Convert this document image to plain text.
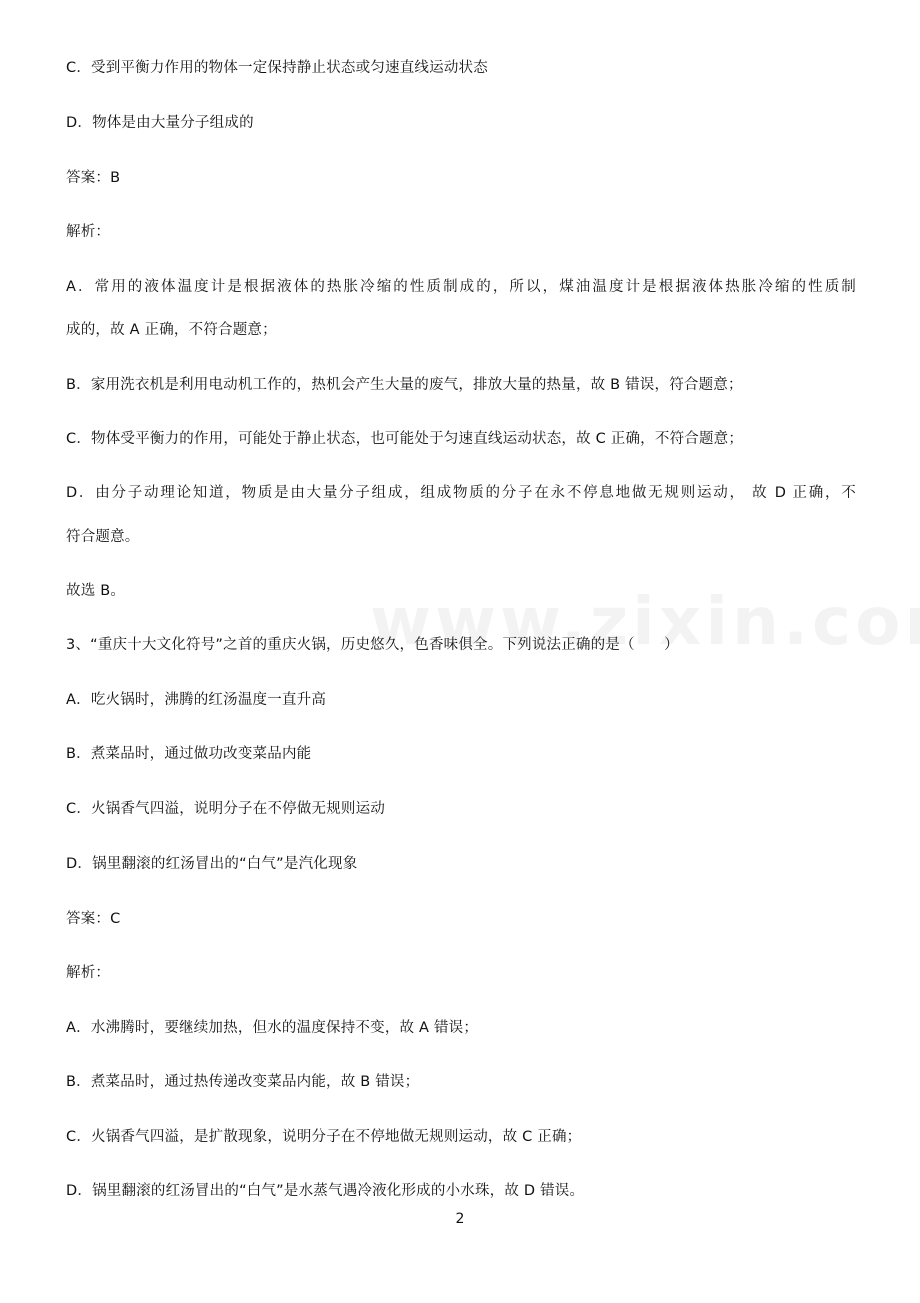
C．受到平衡力作用的物体一定保持静止状态或匀速直线运动状态
D．物体是由大量分子组成的
答案：B
解析：
A．常用的液体温度计是根据液体的热胀冷缩的性质制成的，所以，煤油温度计是根据液体热胀冷缩的性质制
成的，故 A 正确，不符合题意；
B．家用洗衣机是利用电动机工作的，热机会产生大量的废气，排放大量的热量，故 B 错误，符合题意；
C．物体受平衡力的作用，可能处于静止状态，也可能处于匀速直线运动状态，故 C 正确，不符合题意；
D．由分子动理论知道，物质是由大量分子组成，组成物质的分子在永不停息地做无规则运动， 故 D 正确，不
符合题意。
故选 B。
3、“重庆十大文化符号”之首的重庆火锅，历史悠久，色香味俱全。下列说法正确的是（　　）
A．吃火锅时，沸腾的红汤温度一直升高
B．煮菜品时，通过做功改变菜品内能
C．火锅香气四溢，说明分子在不停做无规则运动
D．锅里翻滚的红汤冒出的“白气”是汽化现象
答案：C
解析：
A．水沸腾时，要继续加热，但水的温度保持不变，故 A 错误；
B．煮菜品时，通过热传递改变菜品内能，故 B 错误；
C．火锅香气四溢，是扩散现象，说明分子在不停地做无规则运动，故 C 正确；
D．锅里翻滚的红汤冒出的“白气”是水蒸气遇冷液化形成的小水珠，故 D 错误。
2
